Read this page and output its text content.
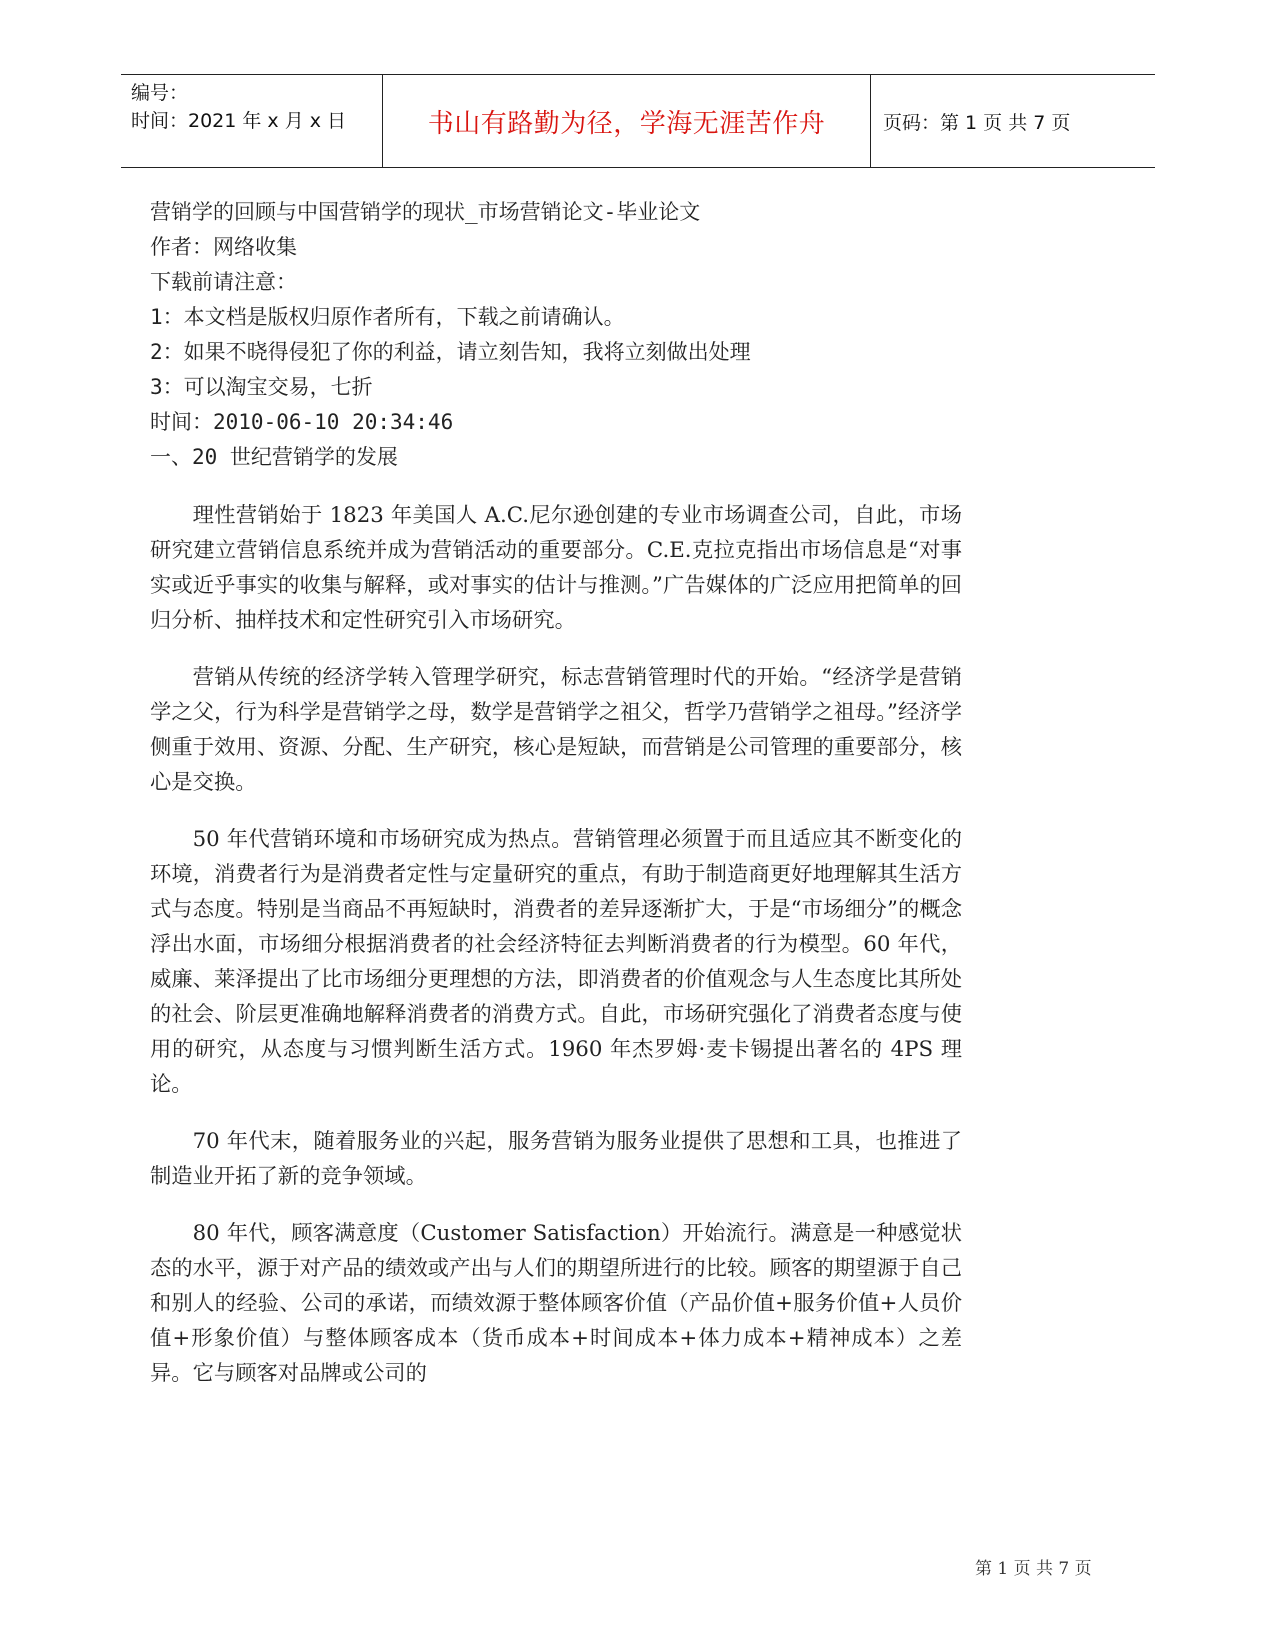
编号：
时间：2021 年 x 月 x 日	书山有路勤为径，学海无涯苦作舟	页码：第 1 页 共 7 页
营销学的回顾与中国营销学的现状_市场营销论文-毕业论文
作者：网络收集
下载前请注意：
1：本文档是版权归原作者所有，下载之前请确认。
2：如果不晓得侵犯了你的利益，请立刻告知，我将立刻做出处理
3：可以淘宝交易，七折
时间：2010-06-10 20:34:46
一、20 世纪营销学的发展

理性营销始于 1823 年美国人 A.C.尼尔逊创建的专业市场调查公司，自此，市场研究建立营销信息系统并成为营销活动的重要部分。C.E.克拉克指出市场信息是“对事实或近乎事实的收集与解释，或对事实的估计与推测。”广告媒体的广泛应用把简单的回归分析、抽样技术和定性研究引入市场研究。

营销从传统的经济学转入管理学研究，标志营销管理时代的开始。“经济学是营销学之父，行为科学是营销学之母，数学是营销学之祖父，哲学乃营销学之祖母。”经济学侧重于效用、资源、分配、生产研究，核心是短缺，而营销是公司管理的重要部分，核心是交换。

50 年代营销环境和市场研究成为热点。营销管理必须置于而且适应其不断变化的环境，消费者行为是消费者定性与定量研究的重点，有助于制造商更好地理解其生活方式与态度。特别是当商品不再短缺时，消费者的差异逐渐扩大，于是“市场细分”的概念浮出水面，市场细分根据消费者的社会经济特征去判断消费者的行为模型。60 年代，威廉、莱泽提出了比市场细分更理想的方法，即消费者的价值观念与人生态度比其所处的社会、阶层更准确地解释消费者的消费方式。自此，市场研究强化了消费者态度与使用的研究，从态度与习惯判断生活方式。1960 年杰罗姆·麦卡锡提出著名的 4PS 理论。

70 年代末，随着服务业的兴起，服务营销为服务业提供了思想和工具，也推进了制造业开拓了新的竞争领域。

80 年代，顾客满意度（Customer Satisfaction）开始流行。满意是一种感觉状态的水平，源于对产品的绩效或产出与人们的期望所进行的比较。顾客的期望源于自己和别人的经验、公司的承诺，而绩效源于整体顾客价值（产品价值+服务价值+人员价值+形象价值）与整体顾客成本（货币成本+时间成本+体力成本+精神成本）之差异。它与顾客对品牌或公司的

第 1 页 共 7 页
